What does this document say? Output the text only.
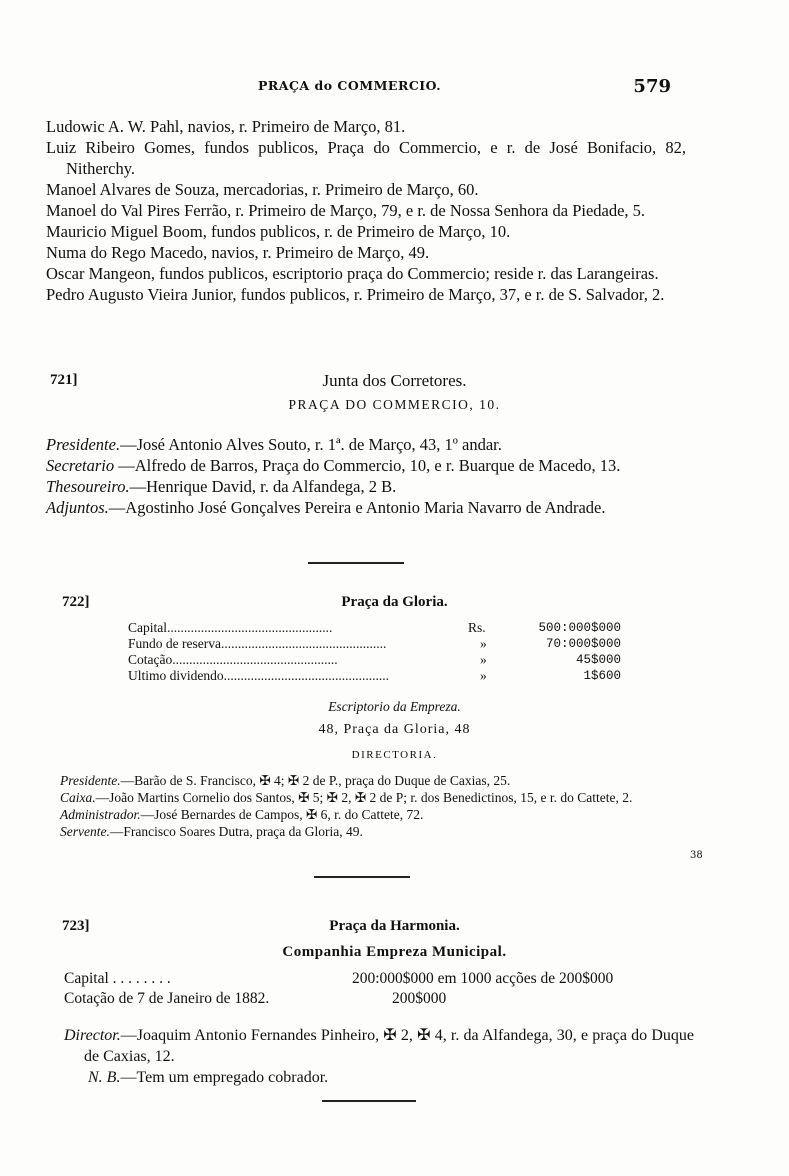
PRAÇA do COMMERCIO.	579

Ludowic A. W. Pahl, navios, r. Primeiro de Março, 81.

Luiz Ribeiro Gomes, fundos publicos, Praça do Commercio, e r. de José Bonifacio, 82, Nitherchy.

Manoel Alvares de Souza, mercadorias, r. Primeiro de Março, 60.

Manoel do Val Pires Ferrão, r. Primeiro de Março, 79, e r. de Nossa Senhora da Piedade, 5.

Mauricio Miguel Boom, fundos publicos, r. de Primeiro de Março, 10.

Numa do Rego Macedo, navios, r. Primeiro de Março, 49.

Oscar Mangeon, fundos publicos, escriptorio praça do Commercio; reside r. das Larangeiras.

Pedro Augusto Vieira Junior, fundos publicos, r. Primeiro de Março, 37, e r. de S. Salvador, 2.

721]	Junta dos Corretores.
PRAÇA DO COMMERCIO, 10.

Presidente.—José Antonio Alves Souto, r. 1ª. de Março, 43, 1º andar.

Secretario —Alfredo de Barros, Praça do Commercio, 10, e r. Buarque de Macedo, 13.

Thesoureiro.—Henrique David, r. da Alfandega, 2 B.

Adjuntos.—Agostinho José Gonçalves Pereira e Antonio Maria Navarro de Andrade.

722]	Praça da Gloria.
Capital.................................................	Rs.	500:000$000
Fundo de reserva.................................................	»	70:000$000
Cotação.................................................	»	45$000
Ultimo dividendo.................................................	»	1$600
Escriptorio da Empreza.
48, Praça da Gloria, 48
DIRECTORIA.

Presidente.—Barão de S. Francisco, ✠ 4; ✠ 2 de P., praça do Duque de Caxias, 25.

Caixa.—João Martins Cornelio dos Santos, ✠ 5; ✠ 2, ✠ 2 de P; r. dos Benedictinos, 15, e r. do Cattete, 2.

Administrador.—José Bernardes de Campos, ✠ 6, r. do Cattete, 72.

Servente.—Francisco Soares Dutra, praça da Gloria, 49.

38
723]	Praça da Harmonia.
Companhia Empreza Municipal.
Capital . . . . . . . .	200:000$000 em 1000 acções de 200$000
Cotação de 7 de Janeiro de 1882.	200$000

Director.—Joaquim Antonio Fernandes Pinheiro, ✠ 2, ✠ 4, r. da Alfandega, 30, e praça do Duque de Caxias, 12.

N. B.—Tem um empregado cobrador.
